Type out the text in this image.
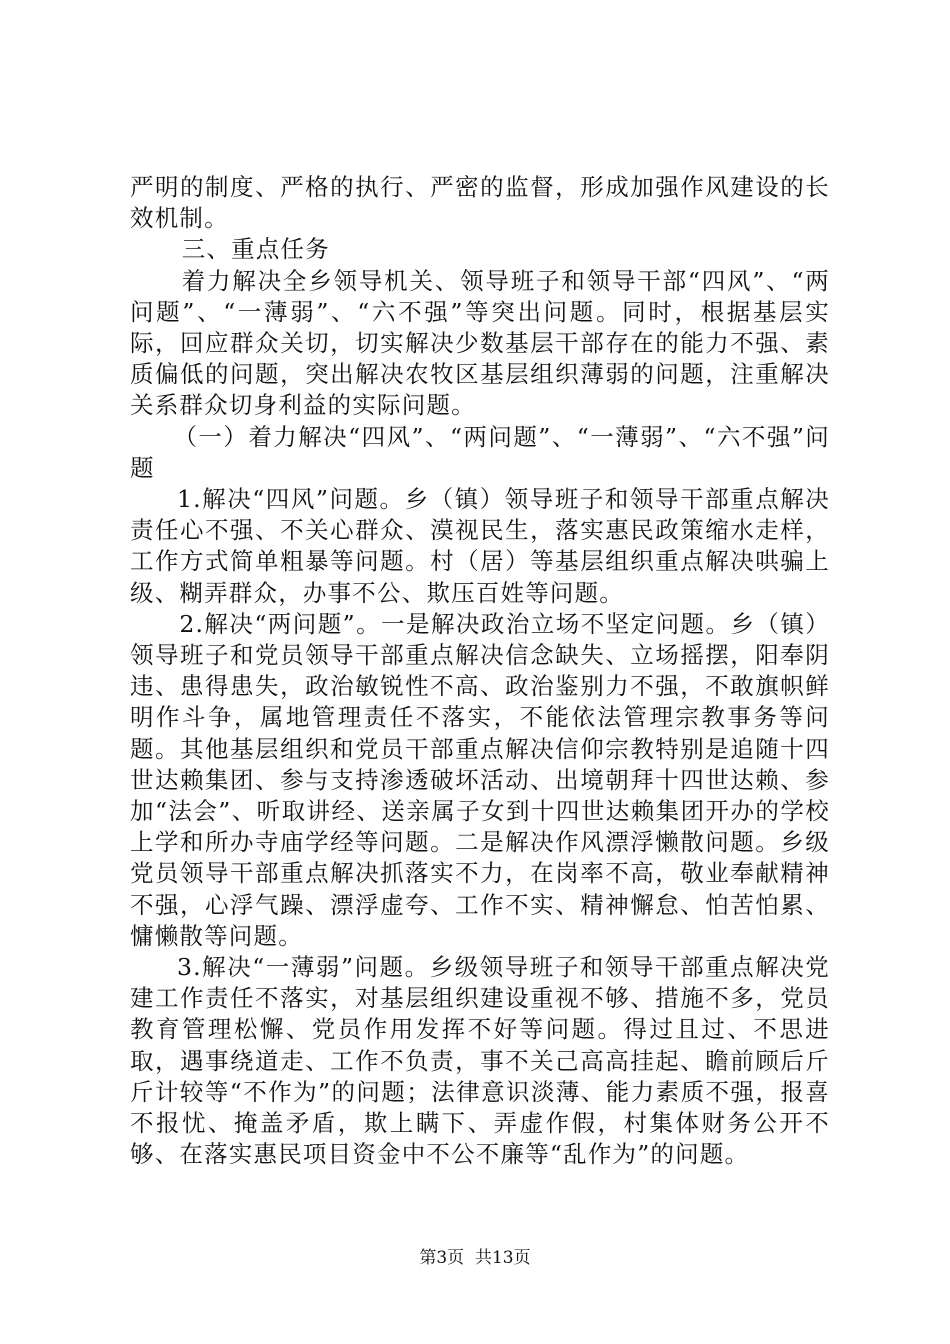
严明的制度、严格的执行、严密的监督，形成加强作风建设的长效机制。

三、重点任务

着力解决全乡领导机关、领导班子和领导干部“四风”、“两问题”、“一薄弱”、“六不强”等突出问题。同时，根据基层实际，回应群众关切，切实解决少数基层干部存在的能力不强、素质偏低的问题，突出解决农牧区基层组织薄弱的问题，注重解决关系群众切身利益的实际问题。

（一）着力解决“四风”、“两问题”、“一薄弱”、“六不强”问题

1.解决“四风”问题。乡（镇）领导班子和领导干部重点解决责任心不强、不关心群众、漠视民生，落实惠民政策缩水走样，工作方式简单粗暴等问题。村（居）等基层组织重点解决哄骗上级、糊弄群众，办事不公、欺压百姓等问题。

2.解决“两问题”。一是解决政治立场不坚定问题。乡（镇）领导班子和党员领导干部重点解决信念缺失、立场摇摆，阳奉阴违、患得患失，政治敏锐性不高、政治鉴别力不强，不敢旗帜鲜明作斗争，属地管理责任不落实，不能依法管理宗教事务等问题。其他基层组织和党员干部重点解决信仰宗教特别是追随十四世达赖集团、参与支持渗透破坏活动、出境朝拜十四世达赖、参加“法会”、听取讲经、送亲属子女到十四世达赖集团开办的学校上学和所办寺庙学经等问题。二是解决作风漂浮懒散问题。乡级党员领导干部重点解决抓落实不力，在岗率不高，敬业奉献精神不强，心浮气躁、漂浮虚夸、工作不实、精神懈怠、怕苦怕累、慵懒散等问题。

3.解决“一薄弱”问题。乡级领导班子和领导干部重点解决党建工作责任不落实，对基层组织建设重视不够、措施不多，党员教育管理松懈、党员作用发挥不好等问题。得过且过、不思进取，遇事绕道走、工作不负责，事不关己高高挂起、瞻前顾后斤斤计较等“不作为”的问题；法律意识淡薄、能力素质不强，报喜不报忧、掩盖矛盾，欺上瞒下、弄虚作假，村集体财务公开不够、在落实惠民项目资金中不公不廉等“乱作为”的问题。

第3页  共13页
